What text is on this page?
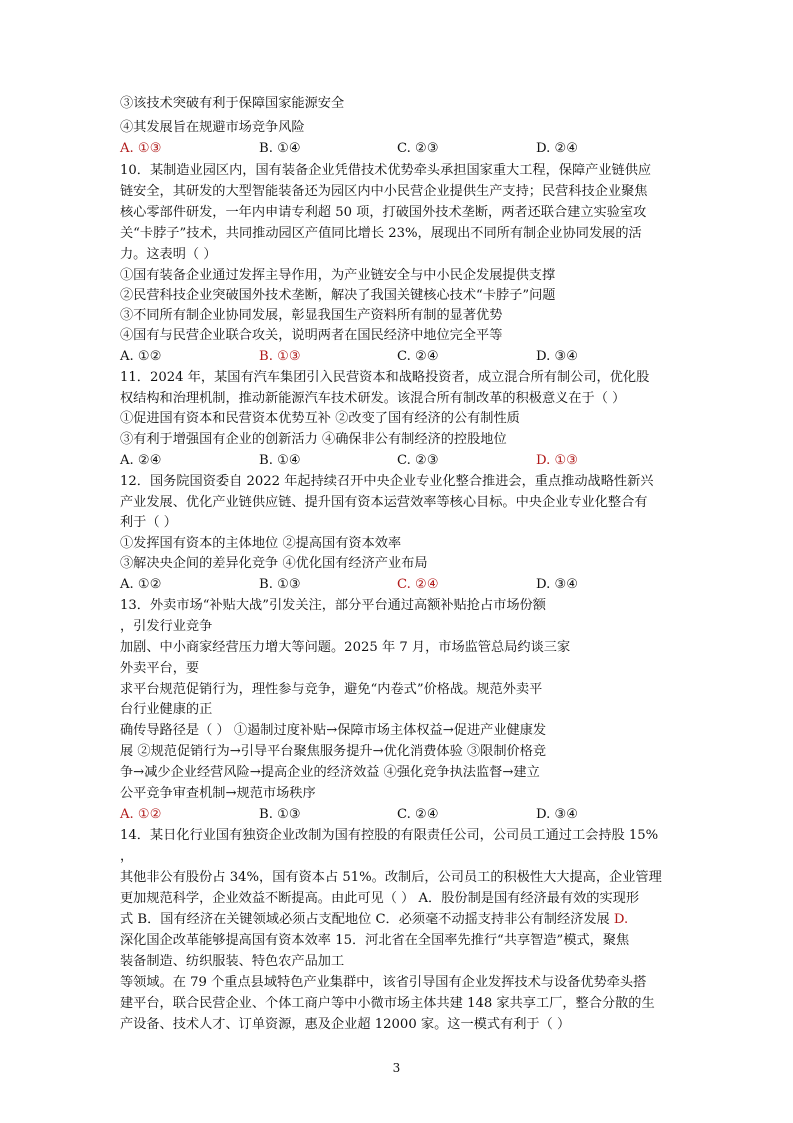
③该技术突破有利于保障国家能源安全
④其发展旨在规避市场竞争风险
A. ①③	B. ①④	C. ②③	D. ②④
10．某制造业园区内，国有装备企业凭借技术优势牵头承担国家重大工程，保障产业链供应
链安全，其研发的大型智能装备还为园区内中小民营企业提供生产支持；民营科技企业聚焦
核心零部件研发，一年内申请专利超 50 项，打破国外技术垄断，两者还联合建立实验室攻
关“卡脖子”技术，共同推动园区产值同比增长 23%，展现出不同所有制企业协同发展的活
力。这表明（ ）
①国有装备企业通过发挥主导作用，为产业链安全与中小民企发展提供支撑
②民营科技企业突破国外技术垄断，解决了我国关键核心技术“卡脖子”问题
③不同所有制企业协同发展，彰显我国生产资料所有制的显著优势
④国有与民营企业联合攻关，说明两者在国民经济中地位完全平等
A. ①②	B. ①③	C. ②④	D. ③④
11．2024 年，某国有汽车集团引入民营资本和战略投资者，成立混合所有制公司，优化股
权结构和治理机制，推动新能源汽车技术研发。该混合所有制改革的积极意义在于（ ）
①促进国有资本和民营资本优势互补 ②改变了国有经济的公有制性质
③有利于增强国有企业的创新活力 ④确保非公有制经济的控股地位
A. ②④	B. ①④	C. ②③	D. ①③
12．国务院国资委自 2022 年起持续召开中央企业专业化整合推进会，重点推动战略性新兴
产业发展、优化产业链供应链、提升国有资本运营效率等核心目标。中央企业专业化整合有
利于（ ）
①发挥国有资本的主体地位 ②提高国有资本效率
③解决央企间的差异化竞争 ④优化国有经济产业布局
A. ①②	B. ①③	C. ②④	D. ③④
13．外卖市场“补贴大战”引发关注，部分平台通过高额补贴抢占市场份额
，引发行业竞争
加剧、中小商家经营压力增大等问题。2025 年 7 月，市场监管总局约谈三家
外卖平台，要
求平台规范促销行为，理性参与竞争，避免“内卷式”价格战。规范外卖平
台行业健康的正
确传导路径是（ ） ①遏制过度补贴→保障市场主体权益→促进产业健康发
展 ②规范促销行为→引导平台聚焦服务提升→优化消费体验 ③限制价格竞
争→减少企业经营风险→提高企业的经济效益 ④强化竞争执法监督→建立
公平竞争审查机制→规范市场秩序
A. ①②	B. ①③	C. ②④	D. ③④
14．某日化行业国有独资企业改制为国有控股的有限责任公司，公司员工通过工会持股 15%
，
其他非公有股份占 34%，国有资本占 51%。改制后，公司员工的积极性大大提高，企业管理
更加规范科学，企业效益不断提高。由此可见（ ） A．股份制是国有经济最有效的实现形
式 B．国有经济在关键领域必须占支配地位 C．必须毫不动摇支持非公有制经济发展 D.
深化国企改革能够提高国有资本效率 15．河北省在全国率先推行“共享智造”模式，聚焦
装备制造、纺织服装、特色农产品加工
等领域。在 79 个重点县域特色产业集群中，该省引导国有企业发挥技术与设备优势牵头搭
建平台，联合民营企业、个体工商户等中小微市场主体共建 148 家共享工厂，整合分散的生
产设备、技术人才、订单资源，惠及企业超 12000 家。这一模式有利于（ ）
3
